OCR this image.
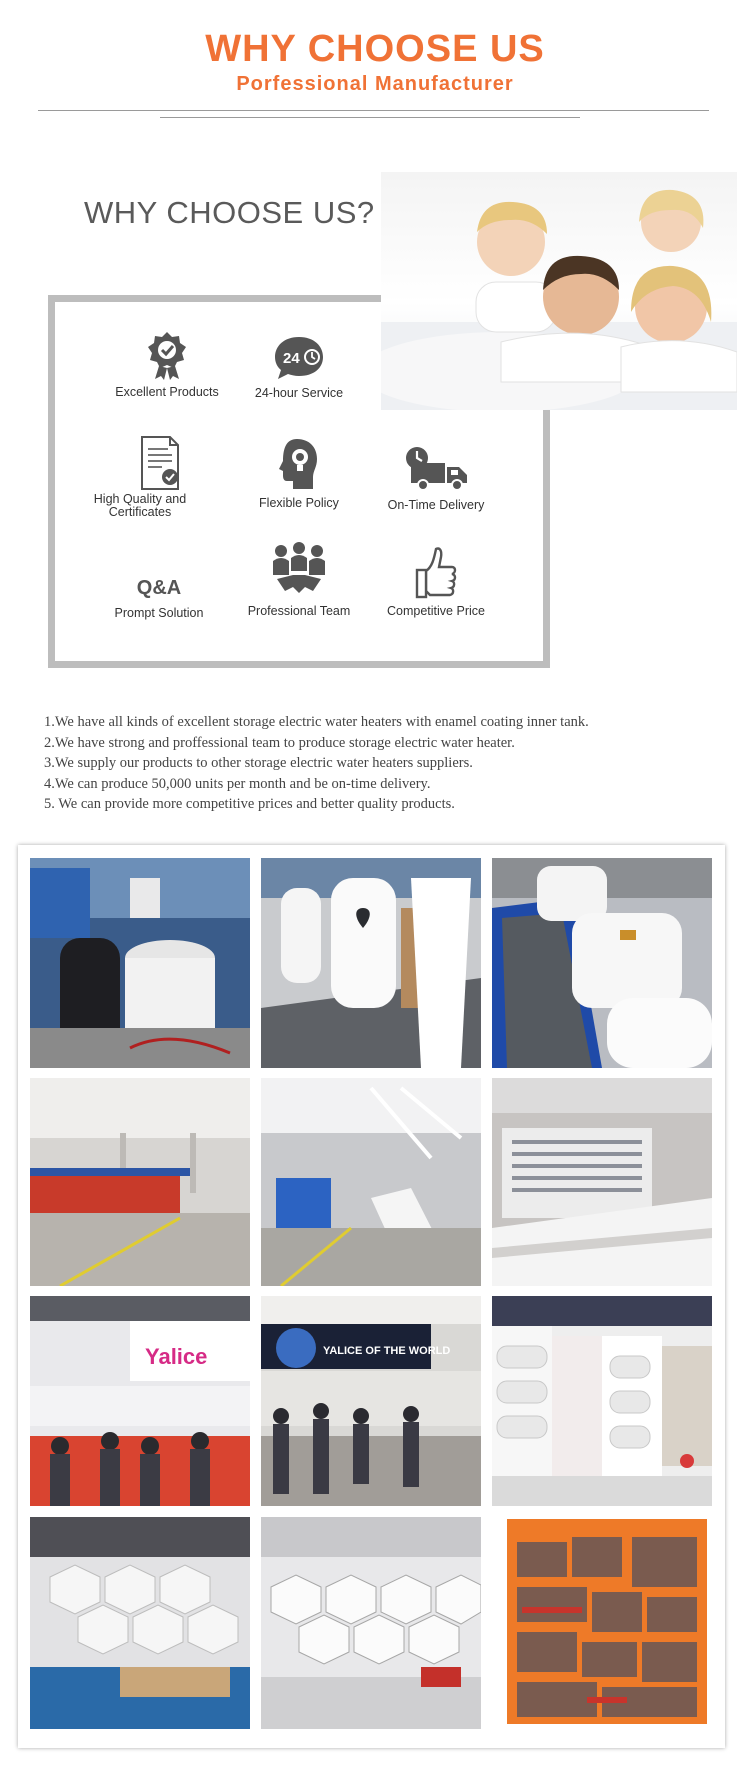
WHY CHOOSE US
Porfessional Manufacturer
WHY CHOOSE US?
Excellent Products
24
24-hour Service
High Quality and Certificates
Flexible Policy	On-Time Delivery
Q&A
Prompt Solution	Professional Team	Competitive Price
1.We have all kinds of excellent storage electric water heaters with enamel coating inner tank.
2.We have strong and proffessional team to produce storage electric water heater.
3.We supply our products to other storage electric water heaters suppliers.
4.We can produce 50,000 units per month and be on-time delivery.
5. We can provide more competitive prices and better quality products.
Yalice	YALICE OF THE WORLD
